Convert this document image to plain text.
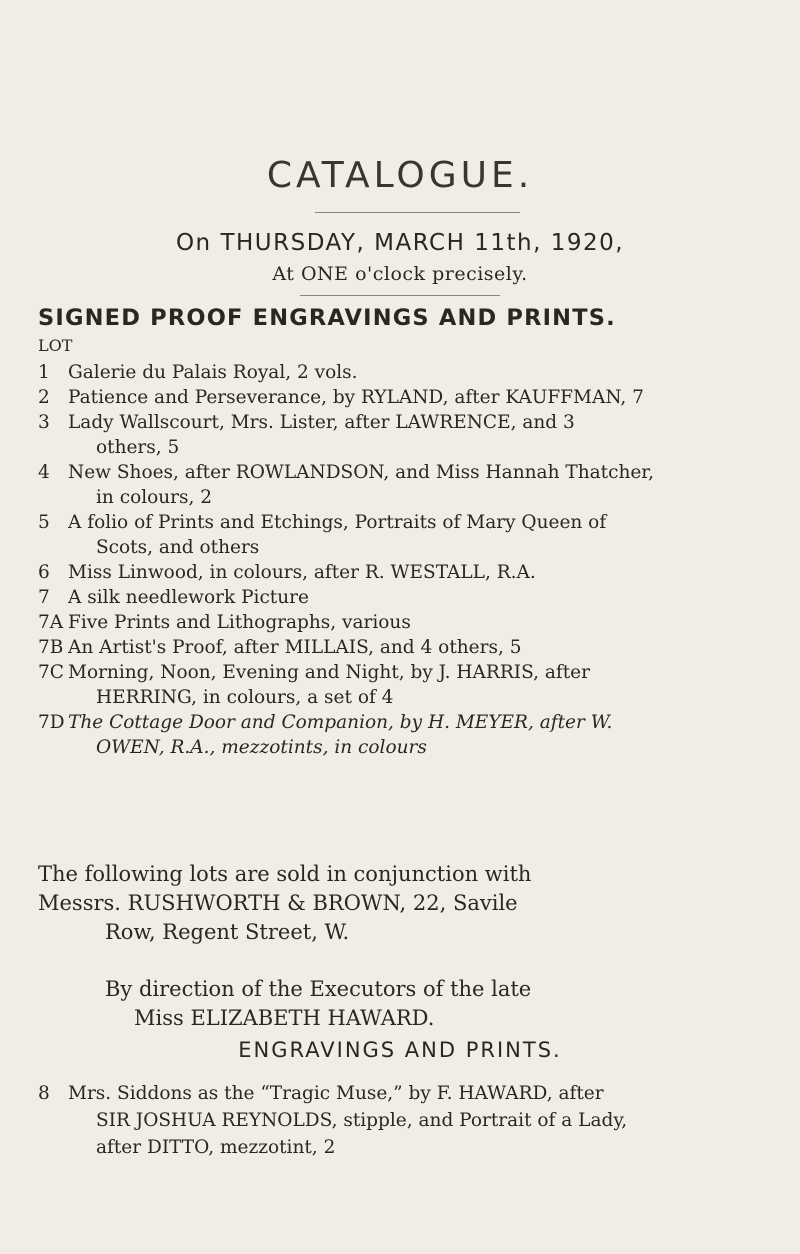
CATALOGUE.
On THURSDAY, MARCH 11th, 1920,
At ONE o'clock precisely.
SIGNED PROOF ENGRAVINGS AND PRINTS.
LOT
1 Galerie du Palais Royal, 2 vols.
2 Patience and Perseverance, by RYLAND, after KAUFFMAN, 7
3 Lady Wallscourt, Mrs. Lister, after LAWRENCE, and 3
others, 5
4 New Shoes, after ROWLANDSON, and Miss Hannah Thatcher,
in colours, 2
5 A folio of Prints and Etchings, Portraits of Mary Queen of
Scots, and others
6 Miss Linwood, in colours, after R. WESTALL, R.A.
7 A silk needlework Picture
7A Five Prints and Lithographs, various
7B An Artist's Proof, after MILLAIS, and 4 others, 5
7C Morning, Noon, Evening and Night, by J. HARRIS, after
HERRING, in colours, a set of 4
7D The Cottage Door and Companion, by H. MEYER, after W.
OWEN, R.A., mezzotints, in colours
The following lots are sold in conjunction with
Messrs. RUSHWORTH & BROWN, 22, Savile
Row, Regent Street, W.
By direction of the Executors of the late
Miss ELIZABETH HAWARD.
ENGRAVINGS AND PRINTS.
8 Mrs. Siddons as the “Tragic Muse,” by F. HAWARD, after
SIR JOSHUA REYNOLDS, stipple, and Portrait of a Lady,
after DITTO, mezzotint, 2
